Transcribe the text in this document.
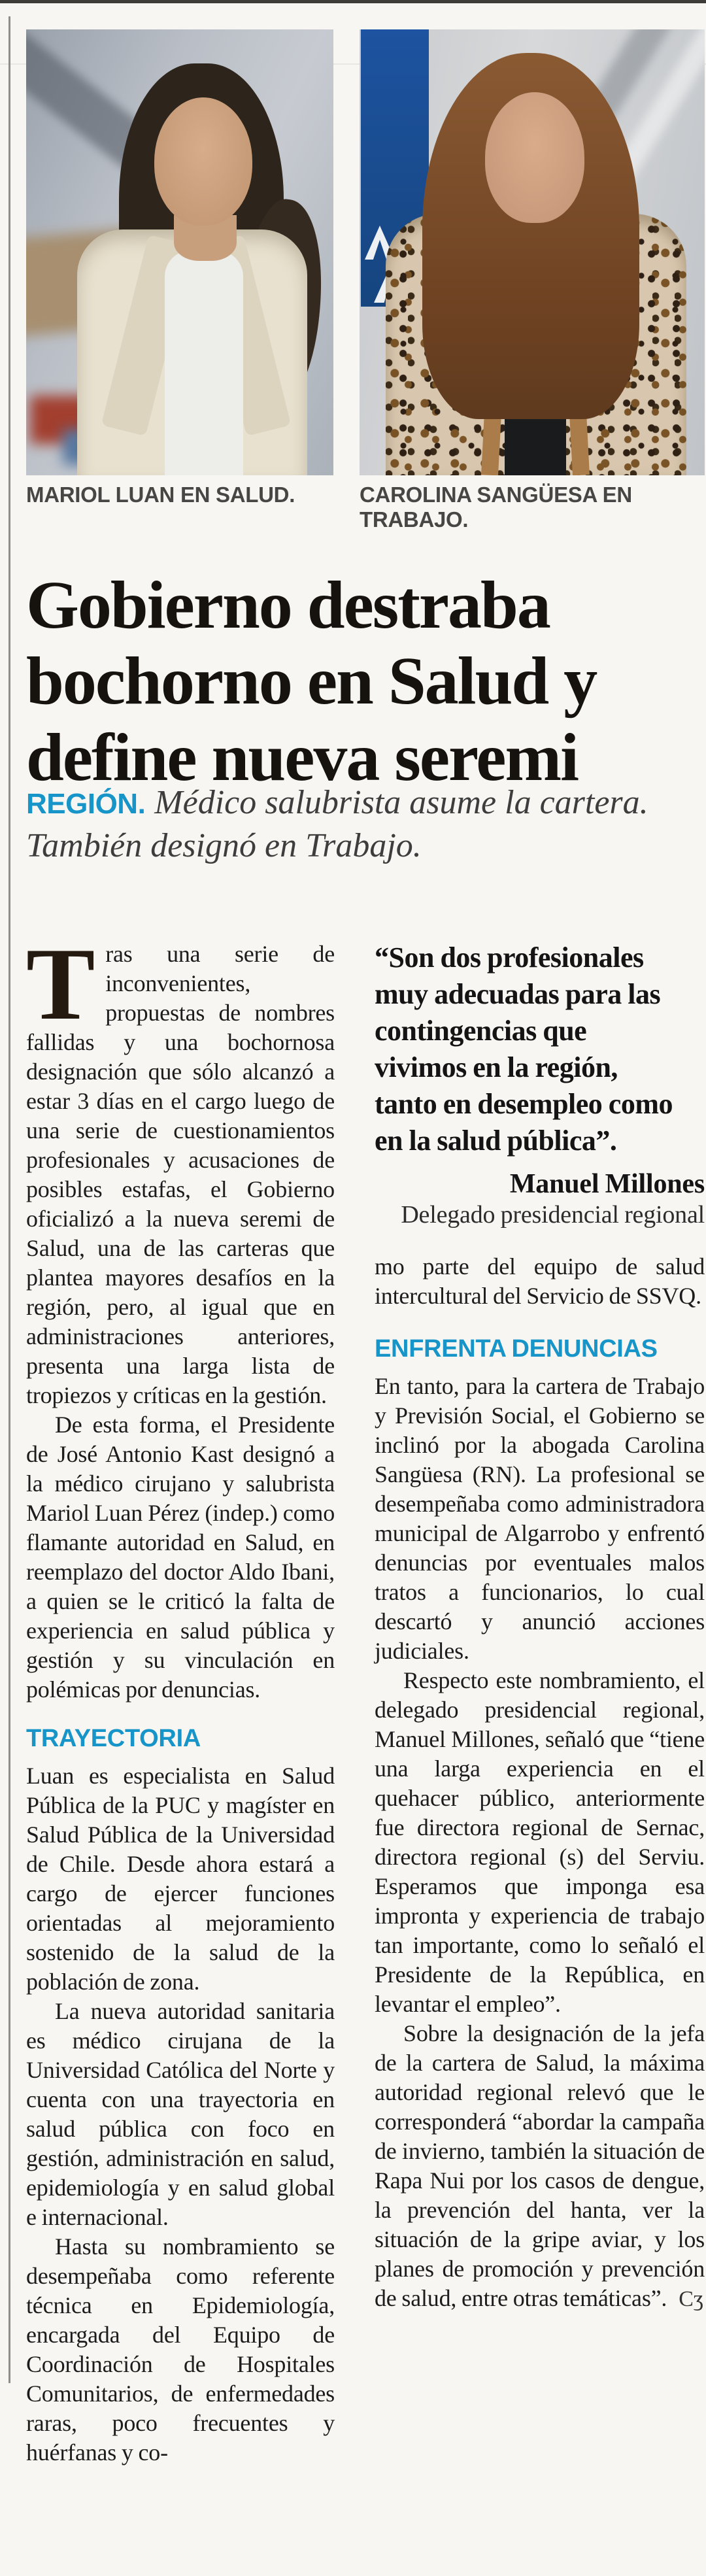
MARIOL LUAN EN SALUD.	CAROLINA SANGÜESA EN TRABAJO.
Gobierno destraba bochorno en Salud y define nueva seremi
REGIÓN. Médico salubrista asume la cartera. También designó en Trabajo.

Tras una serie de inconvenientes, propuestas de nombres fallidas y una bochornosa designación que sólo alcanzó a estar 3 días en el cargo luego de una serie de cuestionamientos profesionales y acusaciones de posibles estafas, el Gobierno oficializó a la nueva seremi de Salud, una de las carteras que plantea mayores desafíos en la región, pero, al igual que en administraciones anteriores, presenta una larga lista de tropiezos y críticas en la gestión.

De esta forma, el Presidente de José Antonio Kast designó a la médico cirujano y salubrista Mariol Luan Pérez (indep.) como flamante autoridad en Salud, en reemplazo del doctor Aldo Ibani, a quien se le criticó la falta de experiencia en salud pública y gestión y su vinculación en polémicas por denuncias.

TRAYECTORIA

Luan es especialista en Salud Pública de la PUC y magíster en Salud Pública de la Universidad de Chile. Desde ahora estará a cargo de ejercer funciones orientadas al mejoramiento sostenido de la salud de la población de zona.

La nueva autoridad sanitaria es médico cirujana de la Universidad Católica del Norte y cuenta con una trayectoria en salud pública con foco en gestión, administración en salud, epidemiología y en salud global e internacional.

Hasta su nombramiento se desempeñaba como referente técnica en Epidemiología, encargada del Equipo de Coordinación de Hospitales Comunitarios, de enfermedades raras, poco frecuentes y huérfanas y co-

“Son dos profesionales muy adecuadas para las contingencias que vivimos en la región, tanto en desempleo como en la salud pública”.

Manuel Millones

Delegado presidencial regional

mo parte del equipo de salud intercultural del Servicio de SSVQ.

ENFRENTA DENUNCIAS

En tanto, para la cartera de Trabajo y Previsión Social, el Gobierno se inclinó por la abogada Carolina Sangüesa (RN). La profesional se desempeñaba como administradora municipal de Algarrobo y enfrentó denuncias por eventuales malos tratos a funcionarios, lo cual descartó y anunció acciones judiciales.

Respecto este nombramiento, el delegado presidencial regional, Manuel Millones, señaló que “tiene una larga experiencia en el quehacer público, anteriormente fue directora regional de Sernac, directora regional (s) del Serviu. Esperamos que imponga esa impronta y experiencia de trabajo tan importante, como lo señaló el Presidente de la República, en levantar el empleo”.

Sobre la designación de la jefa de la cartera de Salud, la máxima autoridad regional relevó que le corresponderá “abordar la campaña de invierno, también la situación de Rapa Nui por los casos de dengue, la prevención del hanta, ver la situación de la gripe aviar, y los planes de promoción y prevención de salud, entre otras temáticas”. Cʒ
